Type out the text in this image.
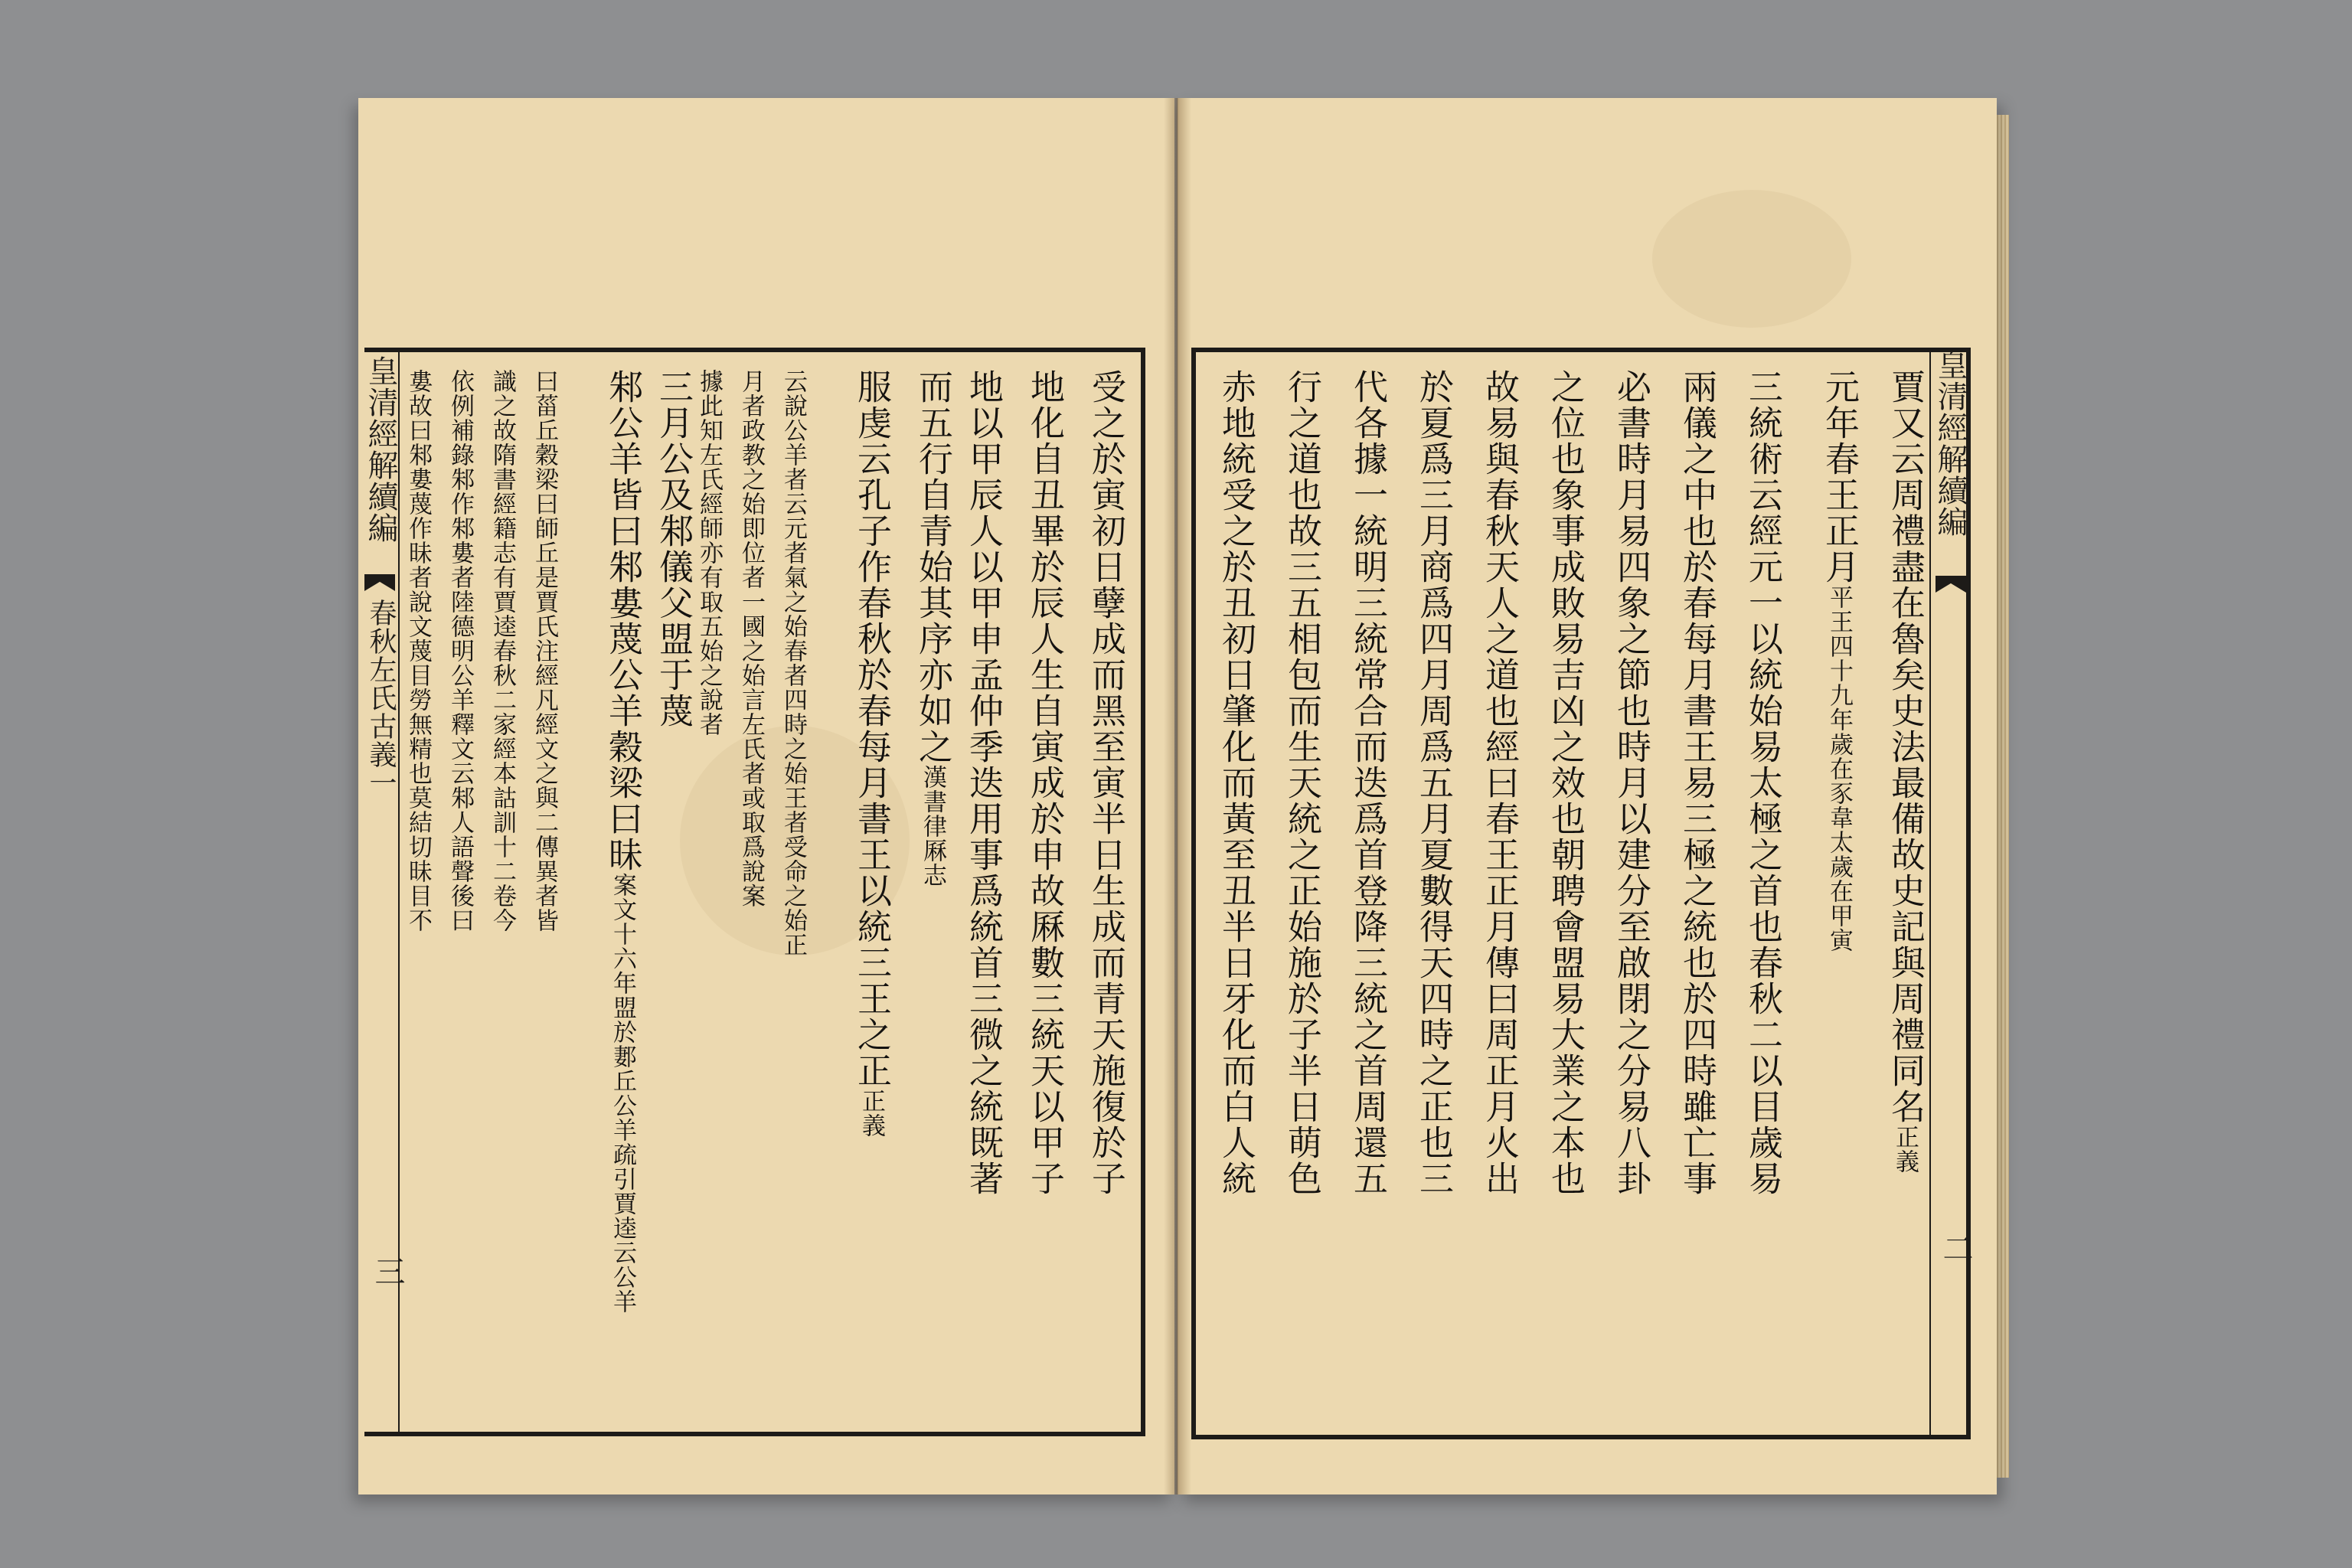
皇清經解續編
春秋左氏古義一
三
受之於寅初日孽成而黑至寅半日生成而青天施復於子
地化自丑畢於辰人生自寅成於申故厤數三統天以甲子
地以甲辰人以甲申孟仲季迭用事爲統首三微之統既著
而五行自青始其序亦如之漢書律厤志
服虔云孔子作春秋於春每月書王以統三王之正正義
云說公羊者云元者氣之始春者四時之始王者受命之始正
月者政教之始即位者一國之始言左氏者或取爲說案
據此知左氏經師亦有取五始之說者
三月公及邾儀父盟于蔑
邾公羊皆曰邾婁蔑公羊穀梁曰昧案文十六年盟於郪丘公羊疏引賈逵云公羊
曰菑丘穀梁曰師丘是賈氏注經凡經文之與二傳異者皆
識之故隋書經籍志有賈逵春秋二家經本詁訓十二卷今
依例補錄邾作邾婁者陸德明公羊釋文云邾人語聲後曰
婁故曰邾婁蔑作昧者說文蔑目勞無精也莫結切昧目不	皇清經解續編
二
賈又云周禮盡在魯矣史法最備故史記與周禮同名正義
元年春王正月平王四十九年歲在豕韋太歲在甲寅
三統術云經元一以統始易太極之首也春秋二以目歲易
兩儀之中也於春每月書王易三極之統也於四時雖亡事
必書時月易四象之節也時月以建分至啟閉之分易八卦
之位也象事成敗易吉凶之效也朝聘會盟易大業之本也
故易與春秋天人之道也經曰春王正月傳曰周正月火出
於夏爲三月商爲四月周爲五月夏數得天四時之正也三
代各據一統明三統常合而迭爲首登降三統之首周還五
行之道也故三五相包而生天統之正始施於子半日萌色
赤地統受之於丑初日肇化而黃至丑半日牙化而白人統
